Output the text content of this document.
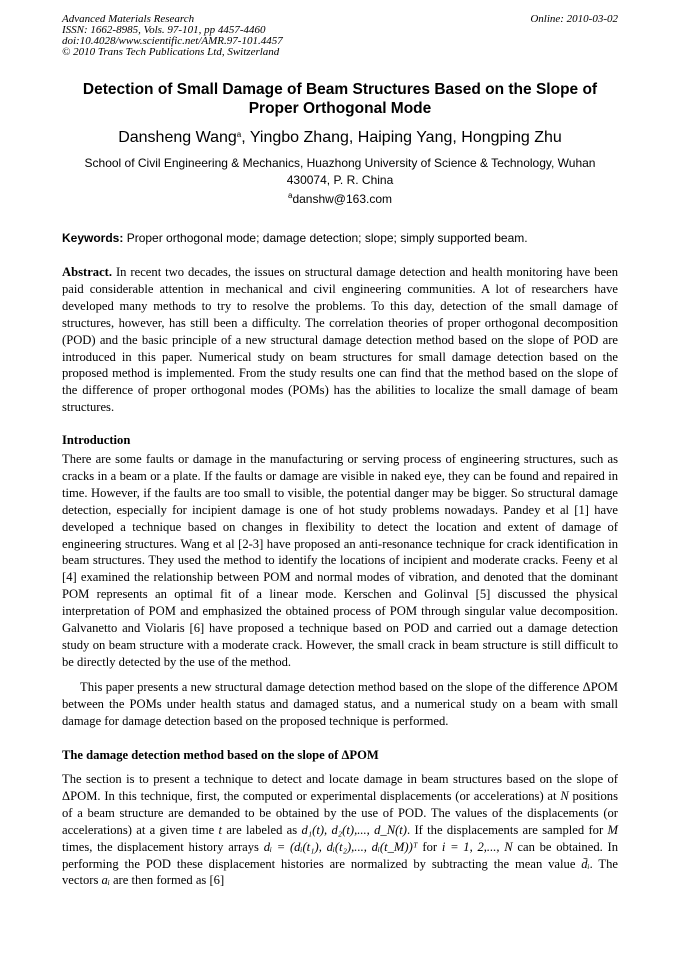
Advanced Materials Research
ISSN: 1662-8985, Vols. 97-101, pp 4457-4460
doi:10.4028/www.scientific.net/AMR.97-101.4457
© 2010 Trans Tech Publications Ltd, Switzerland
Online: 2010-03-02
Detection of Small Damage of Beam Structures Based on the Slope of
Proper Orthogonal Mode
Dansheng Wang$^a$, Yingbo Zhang, Haiping Yang, Hongping Zhu
School of Civil Engineering & Mechanics, Huazhong University of Science & Technology, Wuhan
430074, P. R. China
$^a$danshw@163.com
Keywords: Proper orthogonal mode; damage detection; slope; simply supported beam.
Abstract. In recent two decades, the issues on structural damage detection and health monitoring have been paid considerable attention in mechanical and civil engineering communities. A lot of researchers have developed many methods to try to resolve the problems. To this day, detection of the small damage of structures, however, has still been a difficulty. The correlation theories of proper orthogonal decomposition (POD) and the basic principle of a new structural damage detection method based on the slope of POD are introduced in this paper. Numerical study on beam structures for small damage detection based on the proposed method is implemented. From the study results one can find that the method based on the slope of the difference of proper orthogonal modes (POMs) has the abilities to localize the small damage of beam structures.
Introduction
There are some faults or damage in the manufacturing or serving process of engineering structures, such as cracks in a beam or a plate. If the faults or damage are visible in naked eye, they can be found and repaired in time. However, if the faults are too small to visible, the potential danger may be bigger. So structural damage detection, especially for incipient damage is one of hot study problems nowadays. Pandey et al [1] have developed a technique based on changes in flexibility to detect the location and extent of damage of engineering structures. Wang et al [2-3] have proposed an anti-resonance technique for crack identification in beam structures. They used the method to identify the locations of incipient and moderate cracks. Feeny et al [4] examined the relationship between POM and normal modes of vibration, and denoted that the dominant POM represents an optimal fit of a linear mode. Kerschen and Golinval [5] discussed the physical interpretation of POM and emphasized the obtained process of POM through singular value decomposition. Galvanetto and Violaris [6] have proposed a technique based on POD and carried out a damage detection study on beam structure with a moderate crack. However, the small crack in beam structure is still difficult to be directly detected by the use of the method.
This paper presents a new structural damage detection method based on the slope of the difference ΔPOM between the POMs under health status and damaged status, and a numerical study on a beam with small damage for damage detection based on the proposed technique is performed.
The damage detection method based on the slope of ΔPOM
The section is to present a technique to detect and locate damage in beam structures based on the slope of ΔPOM. In this technique, first, the computed or experimental displacements (or accelerations) at N positions of a beam structure are demanded to be obtained by the use of POD. The values of the displacements (or accelerations) at a given time t are labeled as d₁(t), d₂(t),..., d_N(t). If the displacements are sampled for M times, the displacement history arrays dᵢ = (dᵢ(t₁), dᵢ(t₂),..., dᵢ(t_M))ᵀ for i = 1, 2,..., N can be obtained. In performing the POD these displacement histories are normalized by subtracting the mean value d̄ᵢ. The vectors aᵢ are then formed as [6]
